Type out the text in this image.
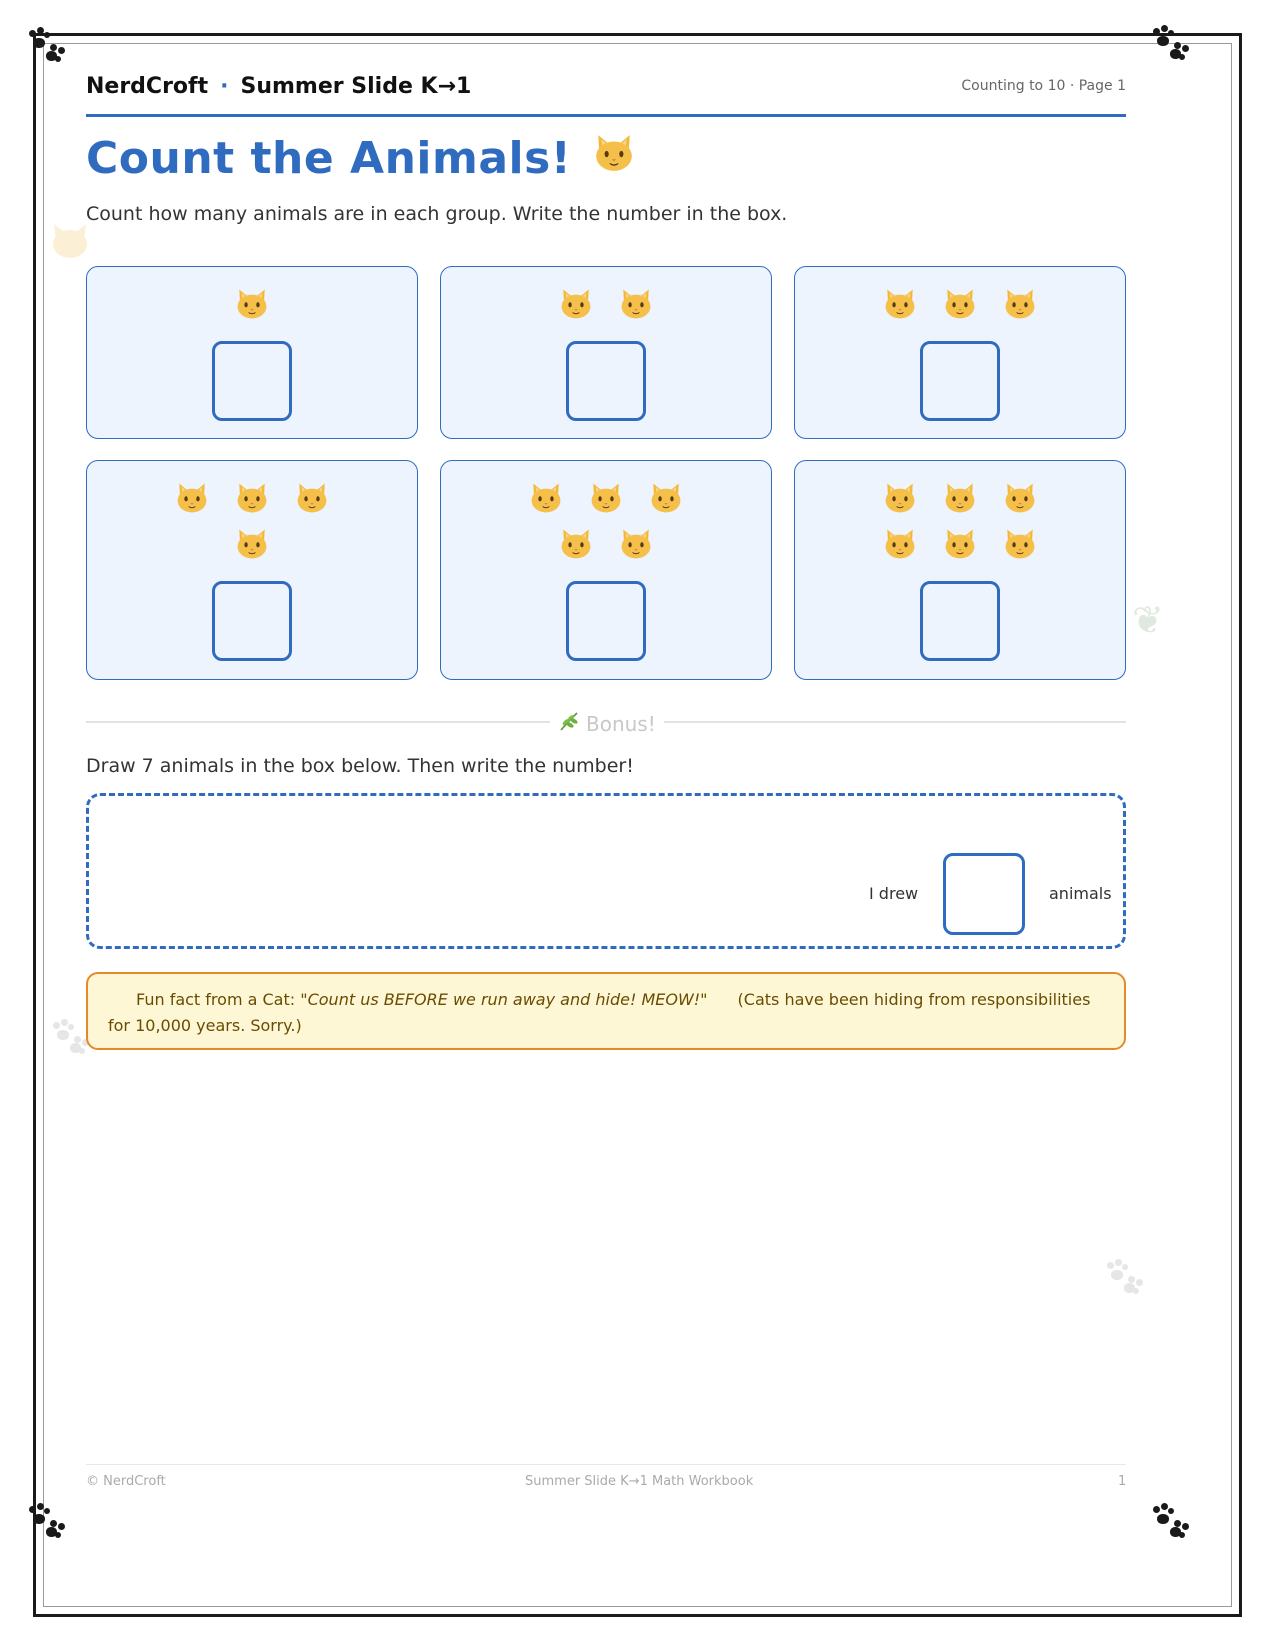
❦
NerdCroft · Summer Slide K→1	Counting to 10 · Page 1
Count the Animals!
Count how many animals are in each group. Write the number in the box.
Bonus!
Draw 7 animals in the box below. Then write the number!
I drew	animals
Fun fact from a Cat: "Count us BEFORE we run away and hide! MEOW!" (Cats have been hiding from responsibilities for 10,000 years. Sorry.)
© NerdCroft	Summer Slide K→1 Math Workbook	1
